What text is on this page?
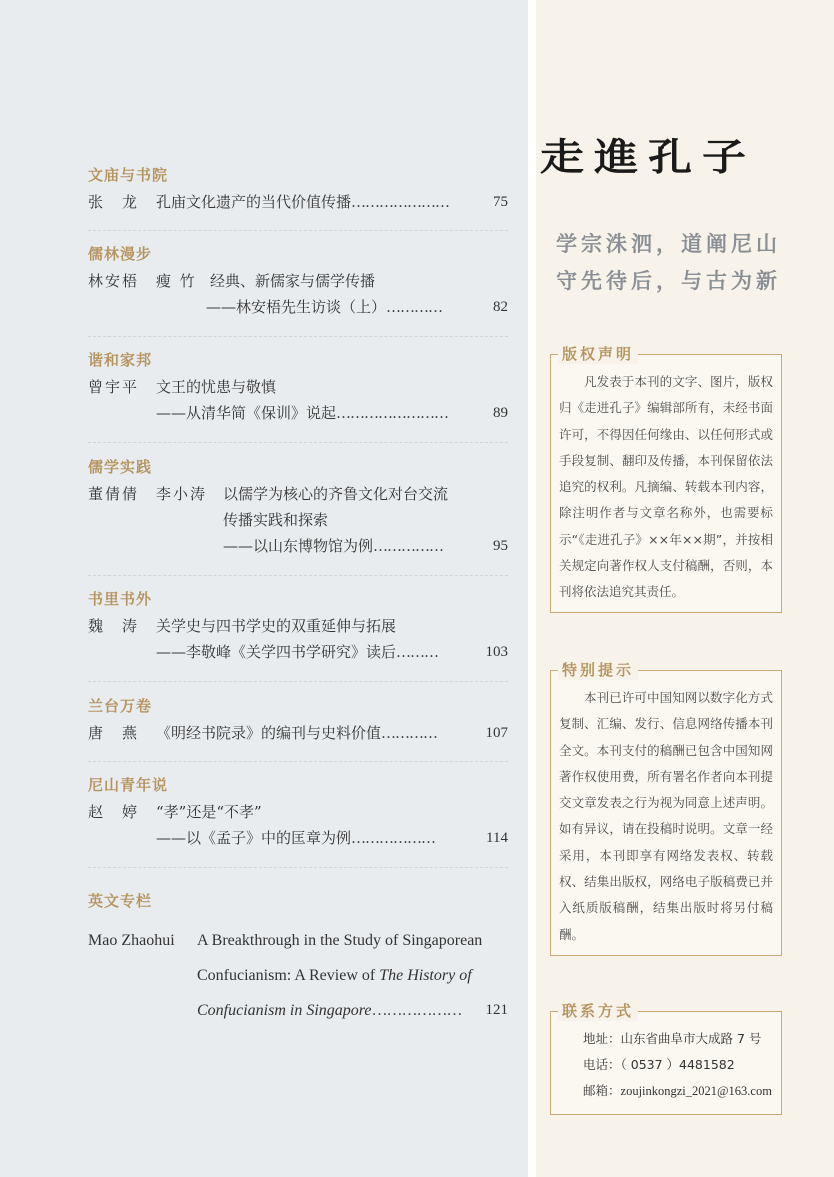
文庙与书院
张　龙 孔庙文化遗产的当代价值传播…………………	75
儒林漫步
林安梧　瘦 竹 经典、新儒家与儒学传播
——林安梧先生访谈（上）…………	82
谐和家邦
曾宇平 文王的忧患与敬慎
——从清华简《保训》说起……………………	89
儒学实践
董倩倩　李小涛 以儒学为核心的齐鲁文化对台交流
传播实践和探索
——以山东博物馆为例……………	95
书里书外
魏　涛 关学史与四书学史的双重延伸与拓展
——李敬峰《关学四书学研究》读后………	103
兰台万卷
唐　燕 《明经书院录》的编刊与史料价值…………	107
尼山青年说
赵　婷 “孝”还是“不孝”
——以《孟子》中的匡章为例………………	114
英文专栏
Mao Zhaohui A Breakthrough in the Study of Singaporean
Confucianism: A Review of The History of
Confucianism in Singapore……………… 121
走進孔子
学宗洙泗，道阐尼山
守先待后，与古为新
凡发表于本刊的文字、图片，版权归《走进孔子》编辑部所有，未经书面许可，不得因任何缘由、以任何形式或手段复制、翻印及传播，本刊保留依法追究的权利。凡摘编、转载本刊内容，除注明作者与文章名称外，也需要标示“《走进孔子》××年××期”，并按相关规定向著作权人支付稿酬，否则，本刊将依法追究其责任。
版权声明
本刊已许可中国知网以数字化方式复制、汇编、发行、信息网络传播本刊全文。本刊支付的稿酬已包含中国知网著作权使用费，所有署名作者向本刊提交文章发表之行为视为同意上述声明。如有异议，请在投稿时说明。文章一经采用，本刊即享有网络发表权、转载权、结集出版权，网络电子版稿费已并入纸质版稿酬，结集出版时将另付稿酬。
特别提示
地址：山东省曲阜市大成路 7 号
电话：（ 0537 ）4481582
邮箱：zoujinkongzi_2021@163.com
联系方式
